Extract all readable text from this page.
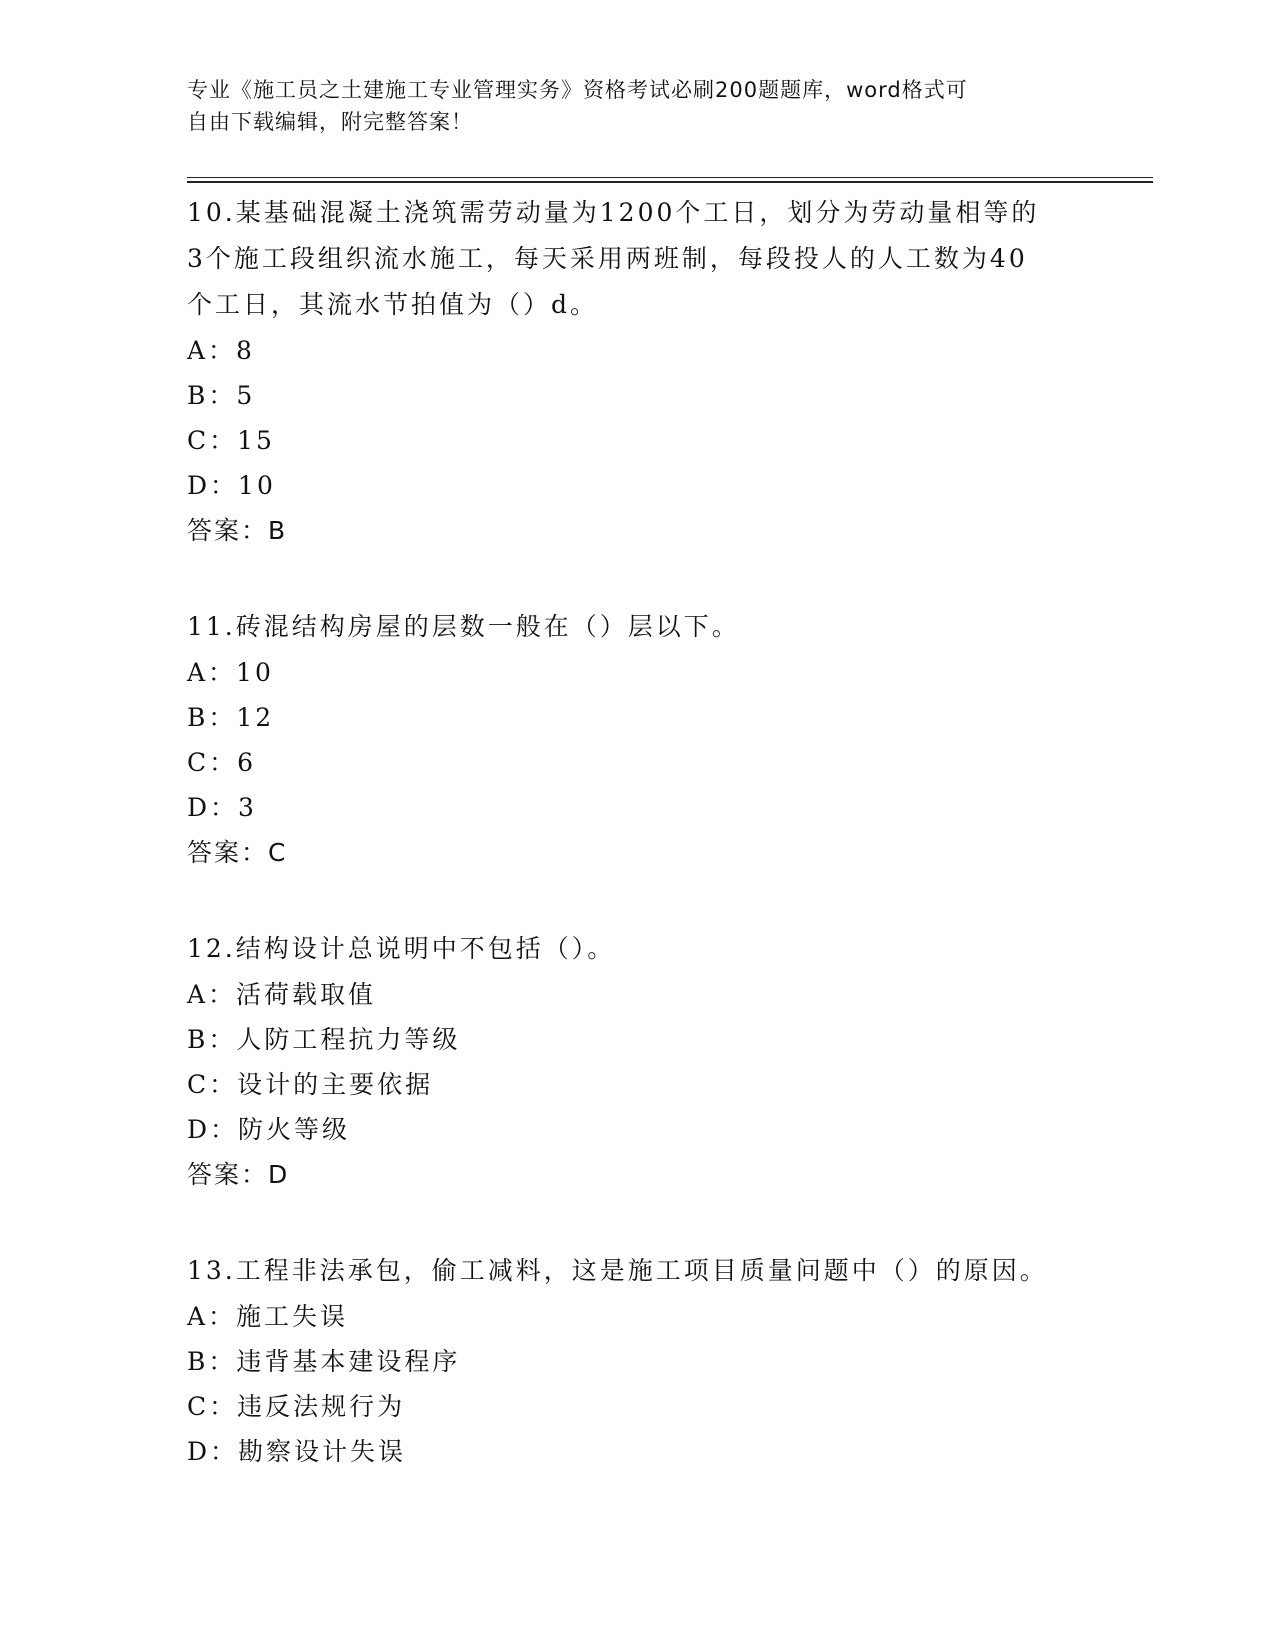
专业《施工员之土建施工专业管理实务》资格考试必刷200题题库，word格式可
自由下载编辑，附完整答案！
10.某基础混凝土浇筑需劳动量为1200个工日，划分为劳动量相等的
3个施工段组织流水施工，每天采用两班制，每段投人的人工数为40
个工日，其流水节拍值为（）d。
A：8
B：5
C：15
D：10
答案：B
11.砖混结构房屋的层数一般在（）层以下。
A：10
B：12
C：6
D：3
答案：C
12.结构设计总说明中不包括（）。
A：活荷载取值
B：人防工程抗力等级
C：设计的主要依据
D：防火等级
答案：D
13.工程非法承包，偷工减料，这是施工项目质量问题中（）的原因。
A：施工失误
B：违背基本建设程序
C：违反法规行为
D：勘察设计失误
